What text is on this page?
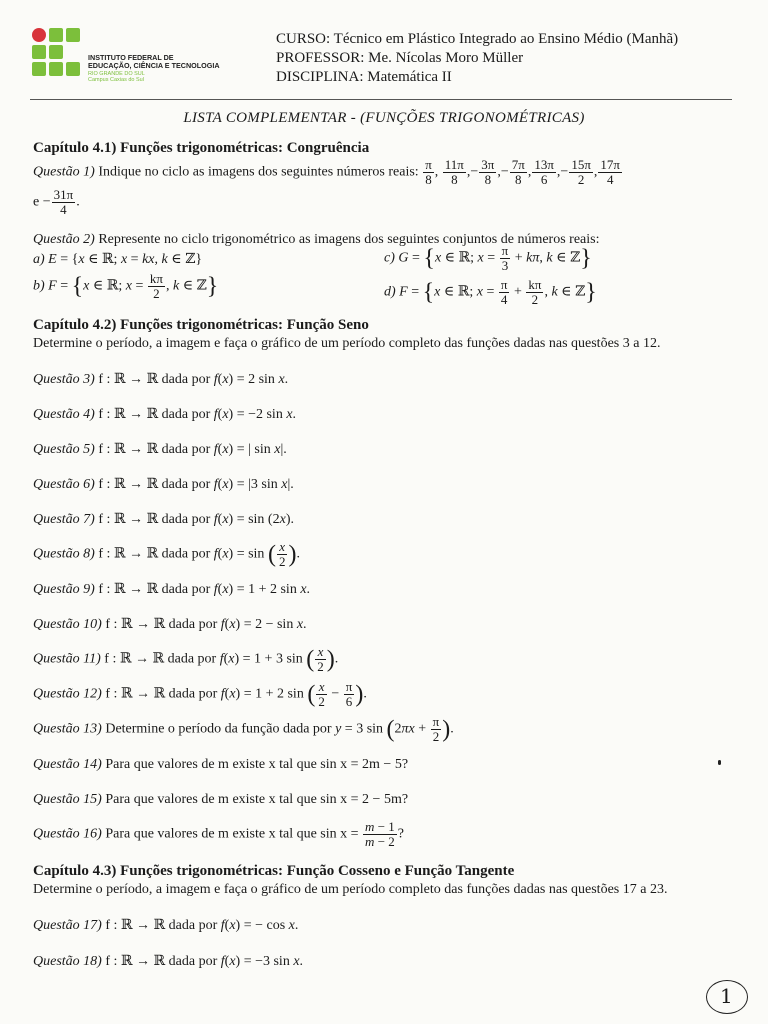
INSTITUTO FEDERAL DE
EDUCAÇÃO, CIÊNCIA E TECNOLOGIA
RIO GRANDE DO SUL
Campus Caxias do Sul
CURSO: Técnico em Plástico Integrado ao Ensino Médio (Manhã)
PROFESSOR: Me. Nícolas Moro Müller
DISCIPLINA: Matemática II
LISTA COMPLEMENTAR - (FUNÇÕES TRIGONOMÉTRICAS)
Capítulo 4.1) Funções trigonométricas: Congruência
Questão 1) Indique no ciclo as imagens dos seguintes números reais: $\frac{\pi}{8}$ , $\frac{11\pi}{8}$ ,− $\frac{3\pi}{8}$ ,− $\frac{7\pi}{8}$ , $\frac{13\pi}{6}$ ,− $\frac{15\pi}{2}$ , $\frac{17\pi}{4}$
$e - \frac{31\pi}{4}$ .
Questão 2) Represente no ciclo trigonométrico as imagens dos seguintes conjuntos de números reais:
a) E = {x ∈ ℝ; x = kx, k ∈ ℤ}	c) G = {x ∈ ℝ; $x = \frac{\pi}{3} + k\pi$, k ∈ ℤ}
b) F = {x ∈ ℝ; $x = \frac{k\pi}{2}$ , k ∈ ℤ}	d) F = {x ∈ ℝ; $x = \frac{\pi}{4} + \frac{k\pi}{2}$ , k ∈ ℤ}
Capítulo 4.2) Funções trigonométricas: Função Seno
Determine o período, a imagem e faça o gráfico de um período completo das funções dadas nas questões 3 a 12.
Questão 3) f : ℝ → ℝ dada por f(x) = 2 sin x.
Questão 4) f : ℝ → ℝ dada por f(x) = −2 sin x.
Questão 5) f : ℝ → ℝ dada por f(x) = | sin x|.
Questão 6) f : ℝ → ℝ dada por f(x) = |3 sin x|.
Questão 7) f : ℝ → ℝ dada por f(x) = sin (2x).
Questão 8) f : ℝ → ℝ dada por f(x) = sin ( $\frac{x}{2}$ ).
Questão 9) f : ℝ → ℝ dada por f(x) = 1 + 2 sin x.
Questão 10) f : ℝ → ℝ dada por f(x) = 2 − sin x.
Questão 11) f : ℝ → ℝ dada por f(x) = 1 + 3 sin ( $\frac{x}{2}$ ).
Questão 12) f : ℝ → ℝ dada por f(x) = 1 + 2 sin ( $\frac{x}{2} - \frac{\pi}{6}$ ).
Questão 13) Determine o período da função dada por y = 3 $\sin (2\pi x + \frac{\pi}{2}$ ).
Questão 14) Para que valores de m existe x tal que sin x = 2m − 5?
Questão 15) Para que valores de m existe x tal que sin x = 2 − 5m?
Questão 16) Para que valores de m existe x tal que $\sin x = \frac{m - 1}{m - 2}$ ?
Capítulo 4.3) Funções trigonométricas: Função Cosseno e Função Tangente
Determine o período, a imagem e faça o gráfico de um período completo das funções dadas nas questões 17 a 23.
Questão 17) f : ℝ → ℝ dada por f(x) = − cos x.
Questão 18) f : ℝ → ℝ dada por f(x) = −3 sin x.
1
